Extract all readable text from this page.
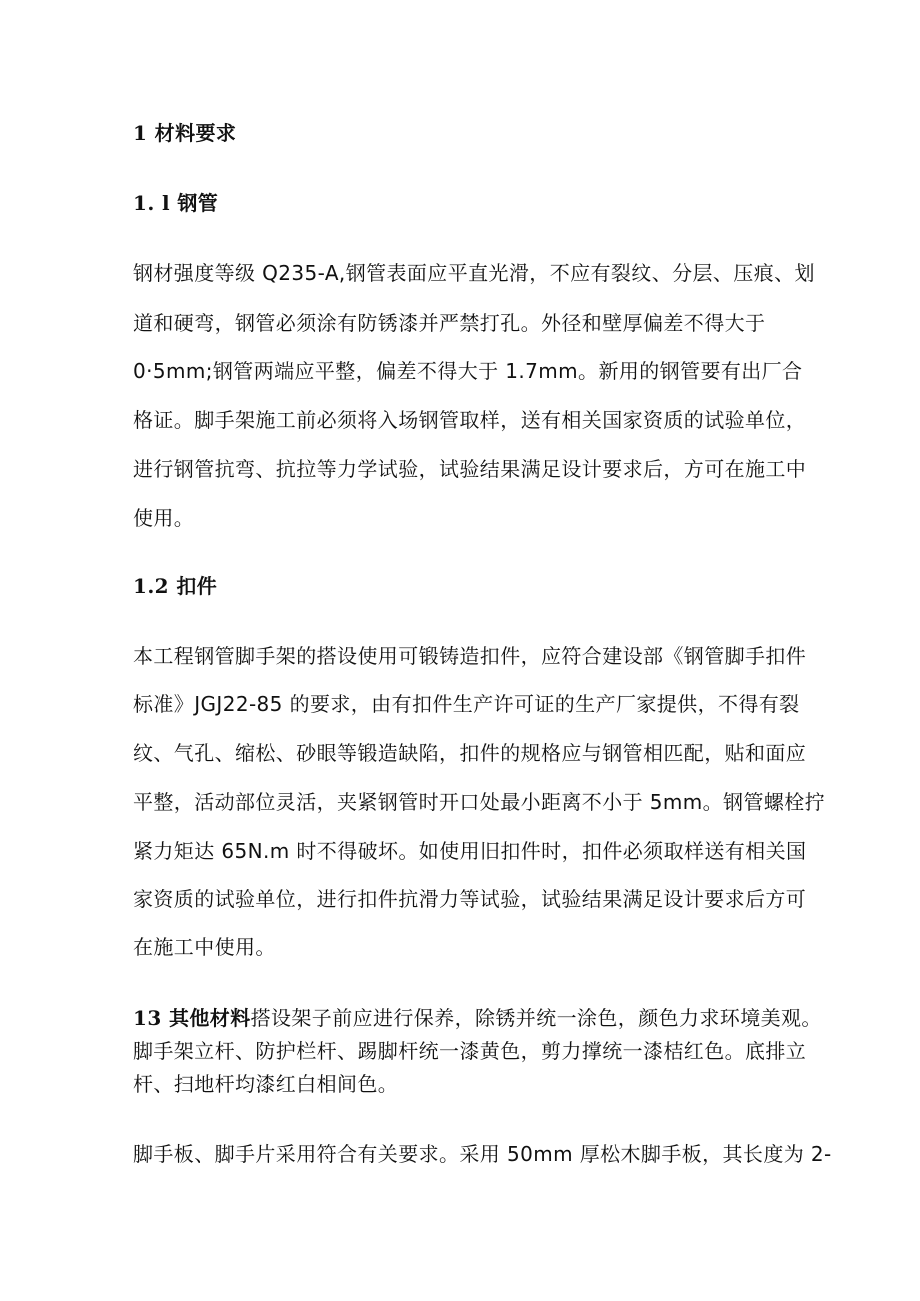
1 材料要求
1. l 钢管
钢材强度等级 Q235-A,钢管表面应平直光滑，不应有裂纹、分层、压痕、划
道和硬弯，钢管必须涂有防锈漆并严禁打孔。外径和壁厚偏差不得大于
0·5mm;钢管两端应平整，偏差不得大于 1.7mm。新用的钢管要有出厂合
格证。脚手架施工前必须将入场钢管取样，送有相关国家资质的试验单位，
进行钢管抗弯、抗拉等力学试验，试验结果满足设计要求后，方可在施工中
使用。
1.2 扣件
本工程钢管脚手架的搭设使用可锻铸造扣件，应符合建设部《钢管脚手扣件
标准》JGJ22-85 的要求，由有扣件生产许可证的生产厂家提供，不得有裂
纹、气孔、缩松、砂眼等锻造缺陷，扣件的规格应与钢管相匹配，贴和面应
平整，活动部位灵活，夹紧钢管时开口处最小距离不小于 5mm。钢管螺栓拧
紧力矩达 65N.m 时不得破坏。如使用旧扣件时，扣件必须取样送有相关国
家资质的试验单位，进行扣件抗滑力等试验，试验结果满足设计要求后方可
在施工中使用。
13 其他材料搭设架子前应进行保养，除锈并统一涂色，颜色力求环境美观。
脚手架立杆、防护栏杆、踢脚杆统一漆黄色，剪力撑统一漆桔红色。底排立
杆、扫地杆均漆红白相间色。
脚手板、脚手片采用符合有关要求。采用 50mm 厚松木脚手板，其长度为 2-
